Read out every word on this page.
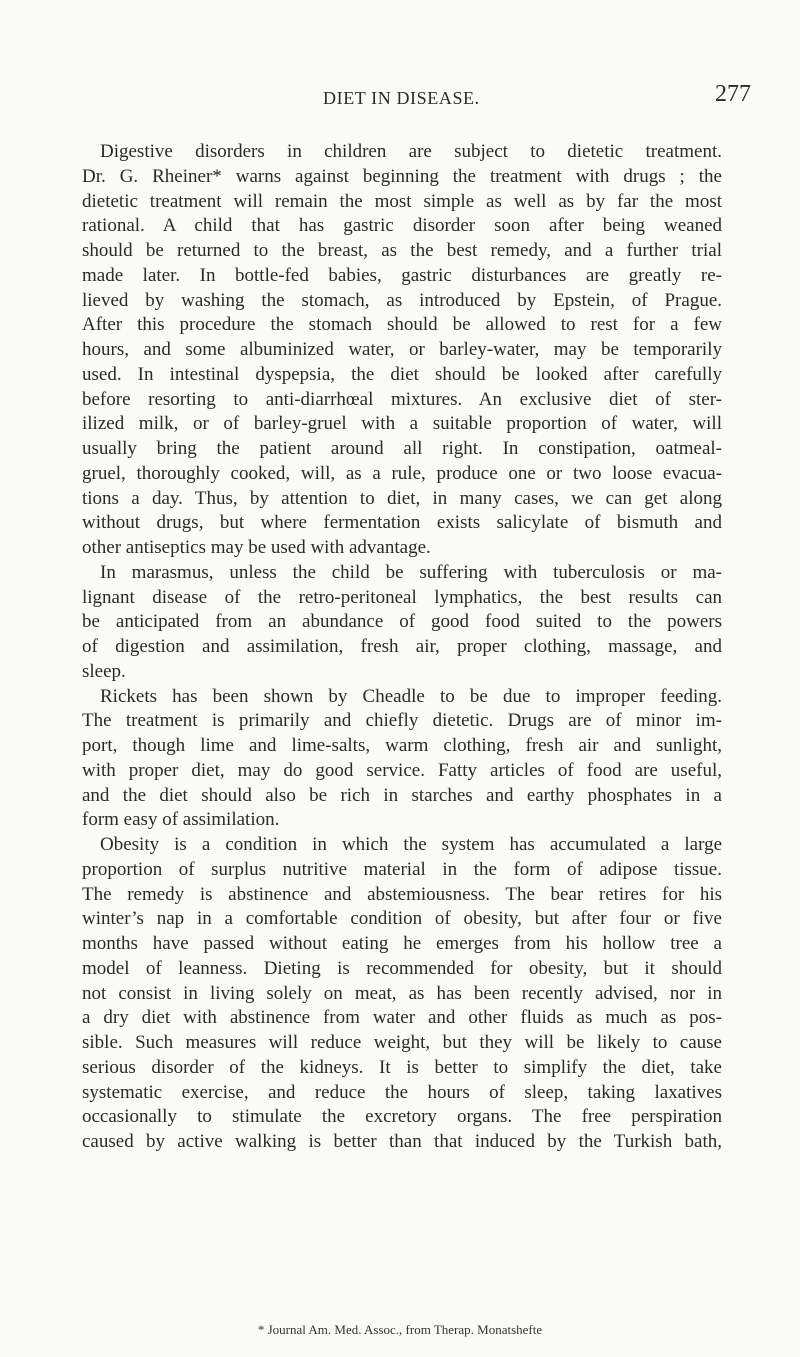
DIET IN DISEASE.	277
Digestive disorders in children are subject to dietetic treatment.
Dr. G. Rheiner* warns against beginning the treatment with drugs ; the
dietetic treatment will remain the most simple as well as by far the most
rational. A child that has gastric disorder soon after being weaned
should be returned to the breast, as the best remedy, and a further trial
made later. In bottle-fed babies, gastric disturbances are greatly re-
lieved by washing the stomach, as introduced by Epstein, of Prague.
After this procedure the stomach should be allowed to rest for a few
hours, and some albuminized water, or barley-water, may be temporarily
used. In intestinal dyspepsia, the diet should be looked after carefully
before resorting to anti-diarrhœal mixtures. An exclusive diet of ster-
ilized milk, or of barley-gruel with a suitable proportion of water, will
usually bring the patient around all right. In constipation, oatmeal-
gruel, thoroughly cooked, will, as a rule, produce one or two loose evacua-
tions a day. Thus, by attention to diet, in many cases, we can get along
without drugs, but where fermentation exists salicylate of bismuth and
other antiseptics may be used with advantage.
In marasmus, unless the child be suffering with tuberculosis or ma-
lignant disease of the retro-peritoneal lymphatics, the best results can
be anticipated from an abundance of good food suited to the powers
of digestion and assimilation, fresh air, proper clothing, massage, and
sleep.
Rickets has been shown by Cheadle to be due to improper feeding.
The treatment is primarily and chiefly dietetic. Drugs are of minor im-
port, though lime and lime-salts, warm clothing, fresh air and sunlight,
with proper diet, may do good service. Fatty articles of food are useful,
and the diet should also be rich in starches and earthy phosphates in a
form easy of assimilation.
Obesity is a condition in which the system has accumulated a large
proportion of surplus nutritive material in the form of adipose tissue.
The remedy is abstinence and abstemiousness. The bear retires for his
winter’s nap in a comfortable condition of obesity, but after four or five
months have passed without eating he emerges from his hollow tree a
model of leanness. Dieting is recommended for obesity, but it should
not consist in living solely on meat, as has been recently advised, nor in
a dry diet with abstinence from water and other fluids as much as pos-
sible. Such measures will reduce weight, but they will be likely to cause
serious disorder of the kidneys. It is better to simplify the diet, take
systematic exercise, and reduce the hours of sleep, taking laxatives
occasionally to stimulate the excretory organs. The free perspiration
caused by active walking is better than that induced by the Turkish bath,
* Journal Am. Med. Assoc., from Therap. Monatshefte
